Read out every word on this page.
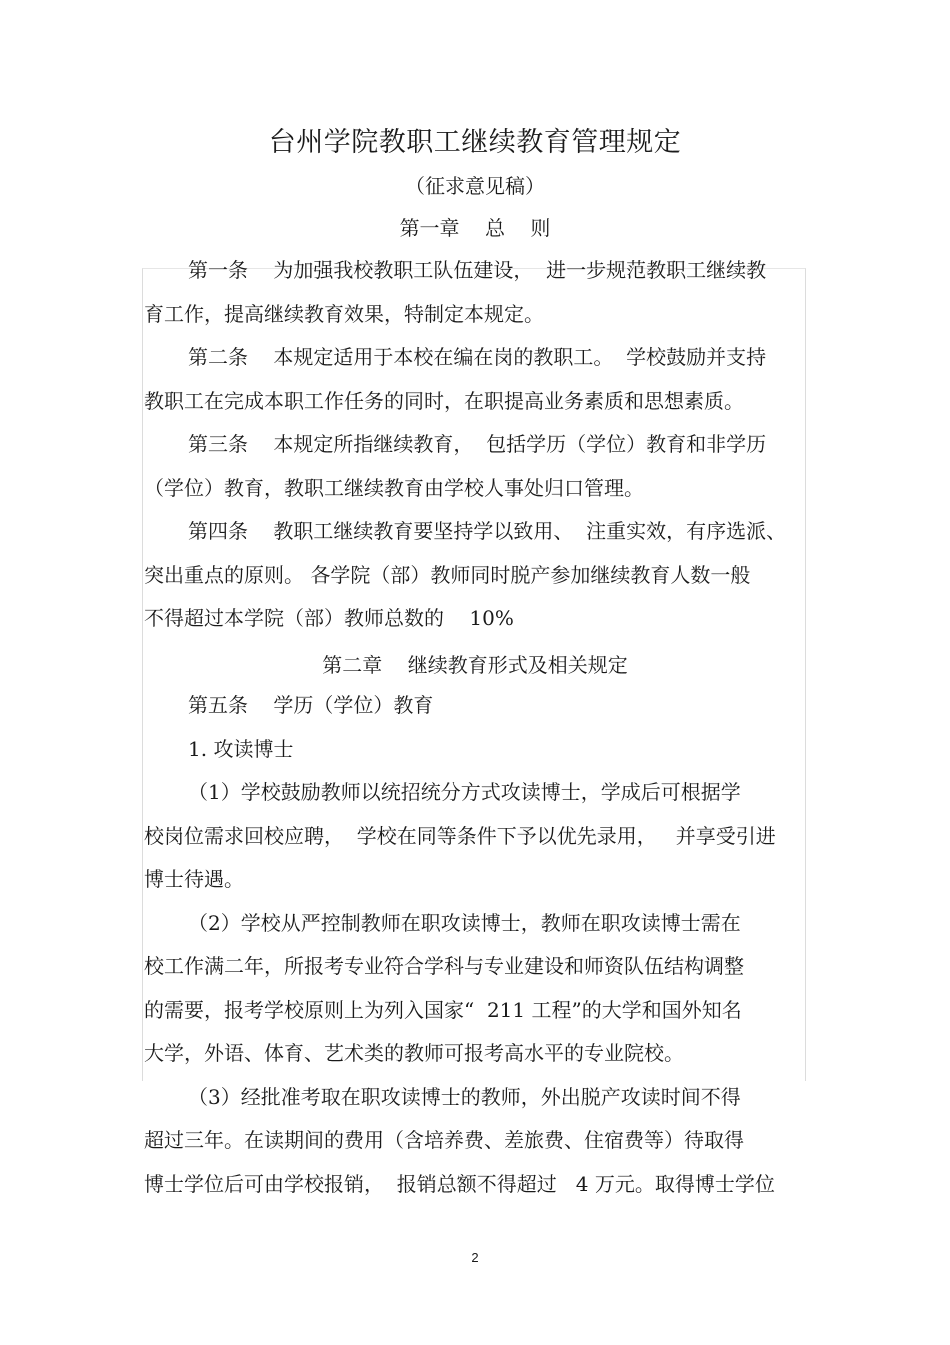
台州学院教职工继续教育管理规定
（征求意见稿）
第一章    总    则
第一条    为加强我校教职工队伍建设，  进一步规范教职工继续教
育工作，提高继续教育效果，特制定本规定。
第二条    本规定适用于本校在编在岗的教职工。  学校鼓励并支持
教职工在完成本职工作任务的同时，在职提高业务素质和思想素质。
第三条    本规定所指继续教育，  包括学历（学位）教育和非学历
（学位）教育，教职工继续教育由学校人事处归口管理。
第四条    教职工继续教育要坚持学以致用、  注重实效，有序选派、
突出重点的原则。 各学院（部）教师同时脱产参加继续教育人数一般
不得超过本学院（部）教师总数的    10%
第二章    继续教育形式及相关规定
第五条    学历（学位）教育
1. 攻读博士
（1）学校鼓励教师以统招统分方式攻读博士，学成后可根据学
校岗位需求回校应聘，  学校在同等条件下予以优先录用，   并享受引进
博士待遇。
（2）学校从严控制教师在职攻读博士，教师在职攻读博士需在
校工作满二年，所报考专业符合学科与专业建设和师资队伍结构调整
的需要，报考学校原则上为列入国家“  211 工程”的大学和国外知名
大学，外语、体育、艺术类的教师可报考高水平的专业院校。
（3）经批准考取在职攻读博士的教师，外出脱产攻读时间不得
超过三年。在读期间的费用（含培养费、差旅费、住宿费等）待取得
博士学位后可由学校报销，  报销总额不得超过   4 万元。取得博士学位
2
